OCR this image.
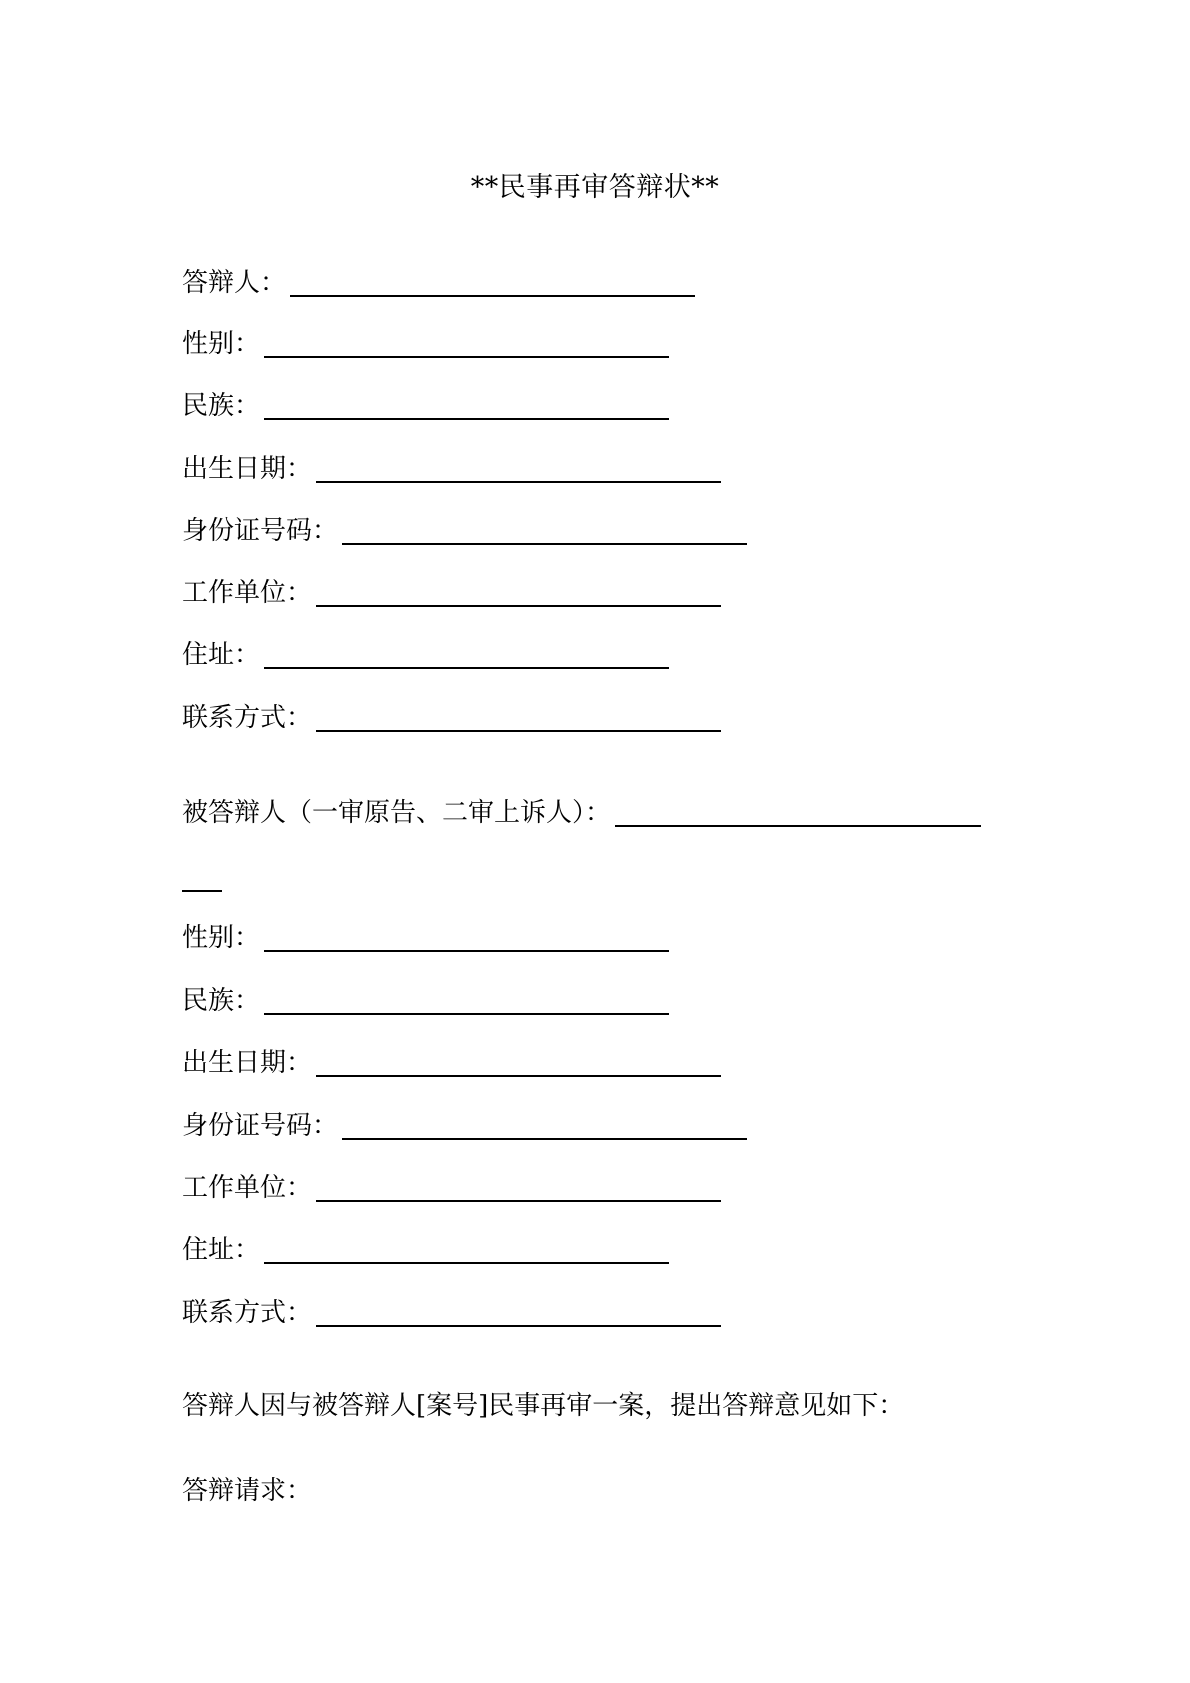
**民事再审答辩状**
答辩人：
性别：
民族：
出生日期：
身份证号码：
工作单位：
住址：
联系方式：
被答辩人（一审原告、二审上诉人）：
性别：
民族：
出生日期：
身份证号码：
工作单位：
住址：
联系方式：
答辩人因与被答辩人[案号]民事再审一案，提出答辩意见如下：
答辩请求：
